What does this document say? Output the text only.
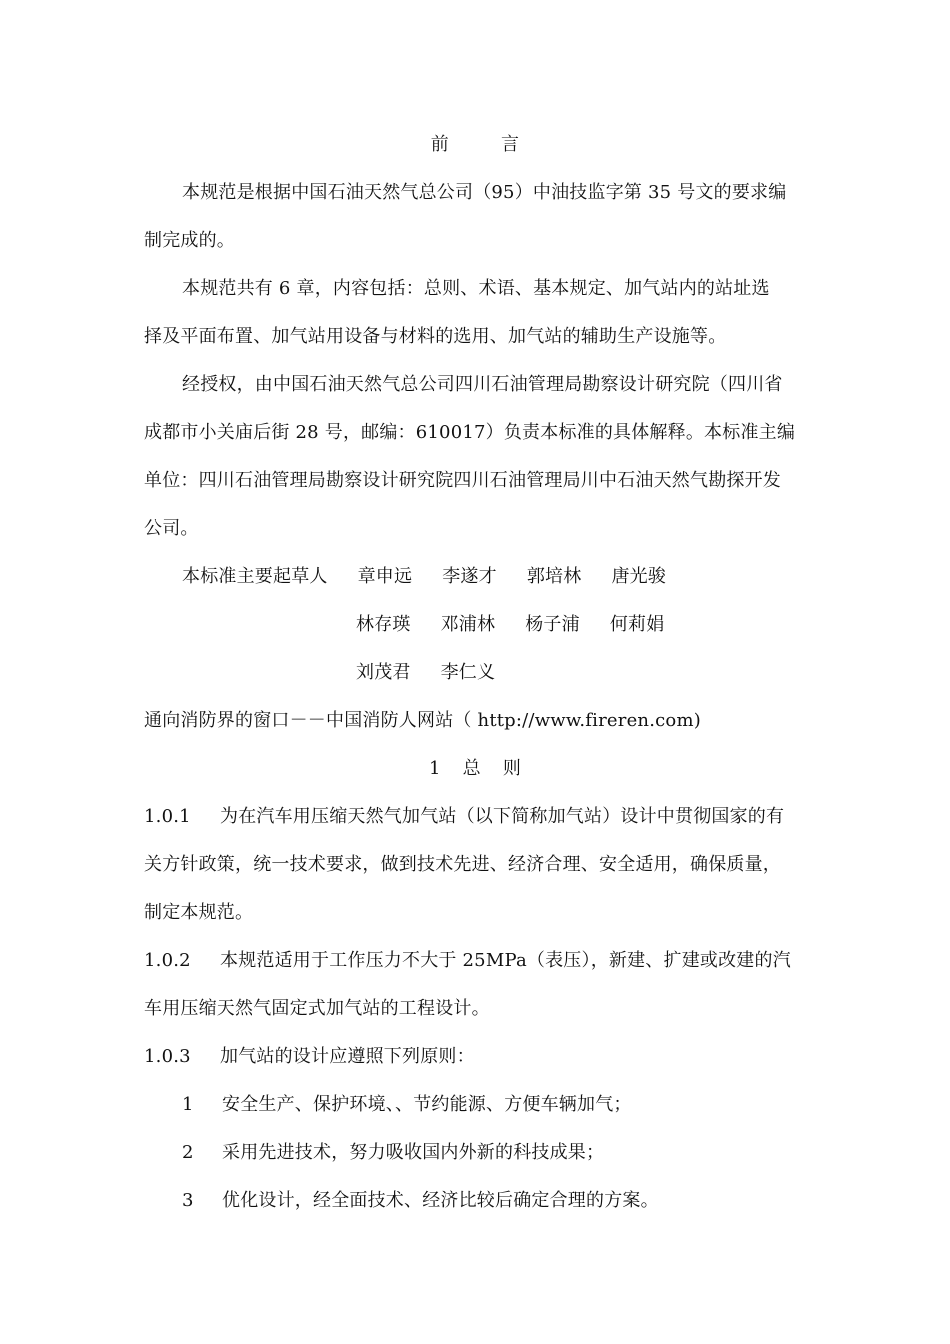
前	言
本规范是根据中国石油天然气总公司（95）中油技监字第 35 号文的要求编
制完成的。
本规范共有 6 章，内容包括：总则、术语、基本规定、加气站内的站址选
择及平面布置、加气站用设备与材料的选用、加气站的辅助生产设施等。
经授权，由中国石油天然气总公司四川石油管理局勘察设计研究院（四川省
成都市小关庙后街 28 号，邮编：610017）负责本标准的具体解释。本标准主编
单位：四川石油管理局勘察设计研究院四川石油管理局川中石油天然气勘探开发
公司。
本标准主要起草人 章申远 李遂才 郭培林 唐光骏
林存瑛 邓浦林 杨子浦 何莉娟
刘茂君 李仁义
通向消防界的窗口－－中国消防人网站（ http://www.fireren.com)
1 总 则
1.0.1 为在汽车用压缩天然气加气站（以下简称加气站）设计中贯彻国家的有
关方针政策，统一技术要求，做到技术先进、经济合理、安全适用，确保质量，
制定本规范。
1.0.2 本规范适用于工作压力不大于 25MPa（表压），新建、扩建或改建的汽
车用压缩天然气固定式加气站的工程设计。
1.0.3 加气站的设计应遵照下列原则：
1 安全生产、保护环境、、节约能源、方便车辆加气；
2 采用先进技术，努力吸收国内外新的科技成果；
3 优化设计，经全面技术、经济比较后确定合理的方案。
